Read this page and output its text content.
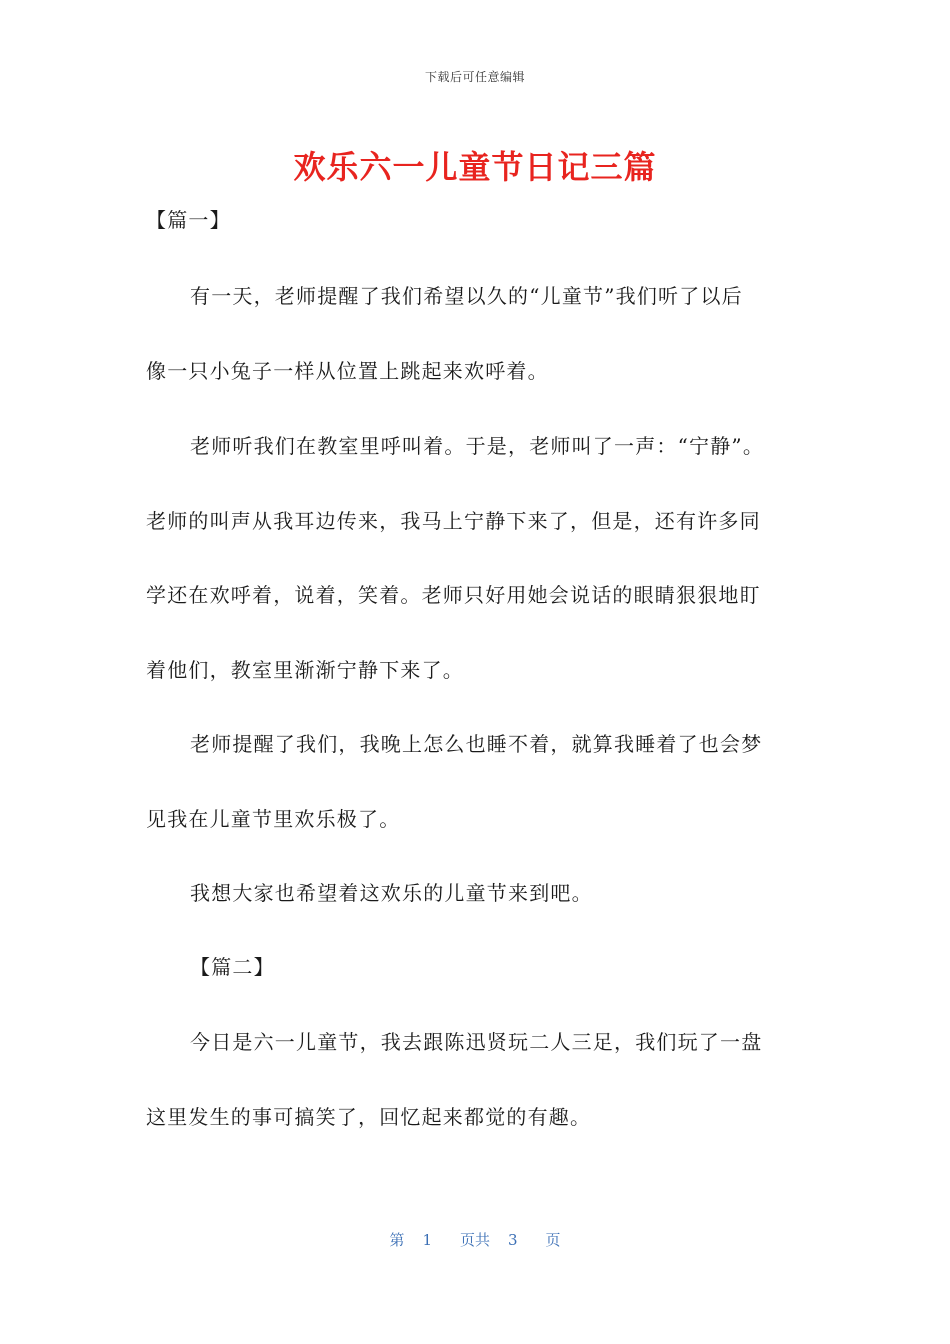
下载后可任意编辑
欢乐六一儿童节日记三篇
【篇一】
有一天，老师提醒了我们希望以久的“儿童节”我们听了以后
像一只小兔子一样从位置上跳起来欢呼着。
老师听我们在教室里呼叫着。于是，老师叫了一声：“宁静”。
老师的叫声从我耳边传来，我马上宁静下来了，但是，还有许多同
学还在欢呼着，说着，笑着。老师只好用她会说话的眼睛狠狠地盯
着他们，教室里渐渐宁静下来了。
老师提醒了我们，我晚上怎么也睡不着，就算我睡着了也会梦
见我在儿童节里欢乐极了。
我想大家也希望着这欢乐的儿童节来到吧。
【篇二】
今日是六一儿童节，我去跟陈迅贤玩二人三足，我们玩了一盘
这里发生的事可搞笑了，回忆起来都觉的有趣。
第 1 页共 3 页
